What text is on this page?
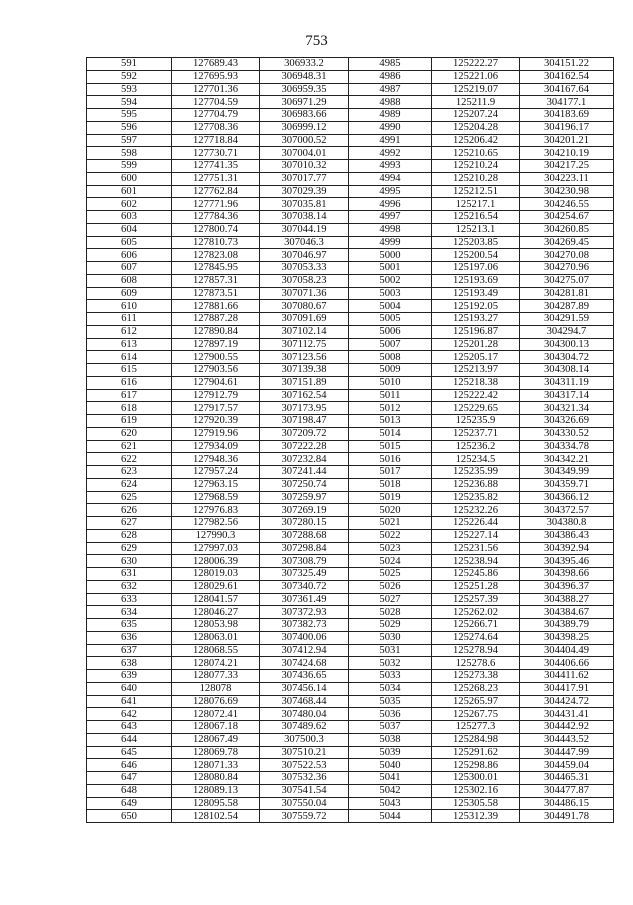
753
591	127689.43	306933.2	4985	125222.27	304151.22
592	127695.93	306948.31	4986	125221.06	304162.54
593	127701.36	306959.35	4987	125219.07	304167.64
594	127704.59	306971.29	4988	125211.9	304177.1
595	127704.79	306983.66	4989	125207.24	304183.69
596	127708.36	306999.12	4990	125204.28	304196.17
597	127718.84	307000.52	4991	125206.42	304201.21
598	127730.71	307004.01	4992	125210.65	304210.19
599	127741.35	307010.32	4993	125210.24	304217.25
600	127751.31	307017.77	4994	125210.28	304223.11
601	127762.84	307029.39	4995	125212.51	304230.98
602	127771.96	307035.81	4996	125217.1	304246.55
603	127784.36	307038.14	4997	125216.54	304254.67
604	127800.74	307044.19	4998	125213.1	304260.85
605	127810.73	307046.3	4999	125203.85	304269.45
606	127823.08	307046.97	5000	125200.54	304270.08
607	127845.95	307053.33	5001	125197.06	304270.96
608	127857.31	307058.23	5002	125193.69	304275.07
609	127873.51	307071.36	5003	125193.49	304281.81
610	127881.66	307080.67	5004	125192.05	304287.89
611	127887.28	307091.69	5005	125193.27	304291.59
612	127890.84	307102.14	5006	125196.87	304294.7
613	127897.19	307112.75	5007	125201.28	304300.13
614	127900.55	307123.56	5008	125205.17	304304.72
615	127903.56	307139.38	5009	125213.97	304308.14
616	127904.61	307151.89	5010	125218.38	304311.19
617	127912.79	307162.54	5011	125222.42	304317.14
618	127917.57	307173.95	5012	125229.65	304321.34
619	127920.39	307198.47	5013	125235.9	304326.69
620	127919.96	307209.72	5014	125237.71	304330.52
621	127934.09	307222.28	5015	125236.2	304334.78
622	127948.36	307232.84	5016	125234.5	304342.21
623	127957.24	307241.44	5017	125235.99	304349.99
624	127963.15	307250.74	5018	125236.88	304359.71
625	127968.59	307259.97	5019	125235.82	304366.12
626	127976.83	307269.19	5020	125232.26	304372.57
627	127982.56	307280.15	5021	125226.44	304380.8
628	127990.3	307288.68	5022	125227.14	304386.43
629	127997.03	307298.84	5023	125231.56	304392.94
630	128006.39	307308.79	5024	125238.94	304395.46
631	128019.03	307325.49	5025	125245.86	304398.66
632	128029.61	307340.72	5026	125251.28	304396.37
633	128041.57	307361.49	5027	125257.39	304388.27
634	128046.27	307372.93	5028	125262.02	304384.67
635	128053.98	307382.73	5029	125266.71	304389.79
636	128063.01	307400.06	5030	125274.64	304398.25
637	128068.55	307412.94	5031	125278.94	304404.49
638	128074.21	307424.68	5032	125278.6	304406.66
639	128077.33	307436.65	5033	125273.38	304411.62
640	128078	307456.14	5034	125268.23	304417.91
641	128076.69	307468.44	5035	125265.97	304424.72
642	128072.41	307480.04	5036	125267.75	304431.41
643	128067.18	307489.62	5037	125277.3	304442.92
644	128067.49	307500.3	5038	125284.98	304443.52
645	128069.78	307510.21	5039	125291.62	304447.99
646	128071.33	307522.53	5040	125298.86	304459.04
647	128080.84	307532.36	5041	125300.01	304465.31
648	128089.13	307541.54	5042	125302.16	304477.87
649	128095.58	307550.04	5043	125305.58	304486.15
650	128102.54	307559.72	5044	125312.39	304491.78
